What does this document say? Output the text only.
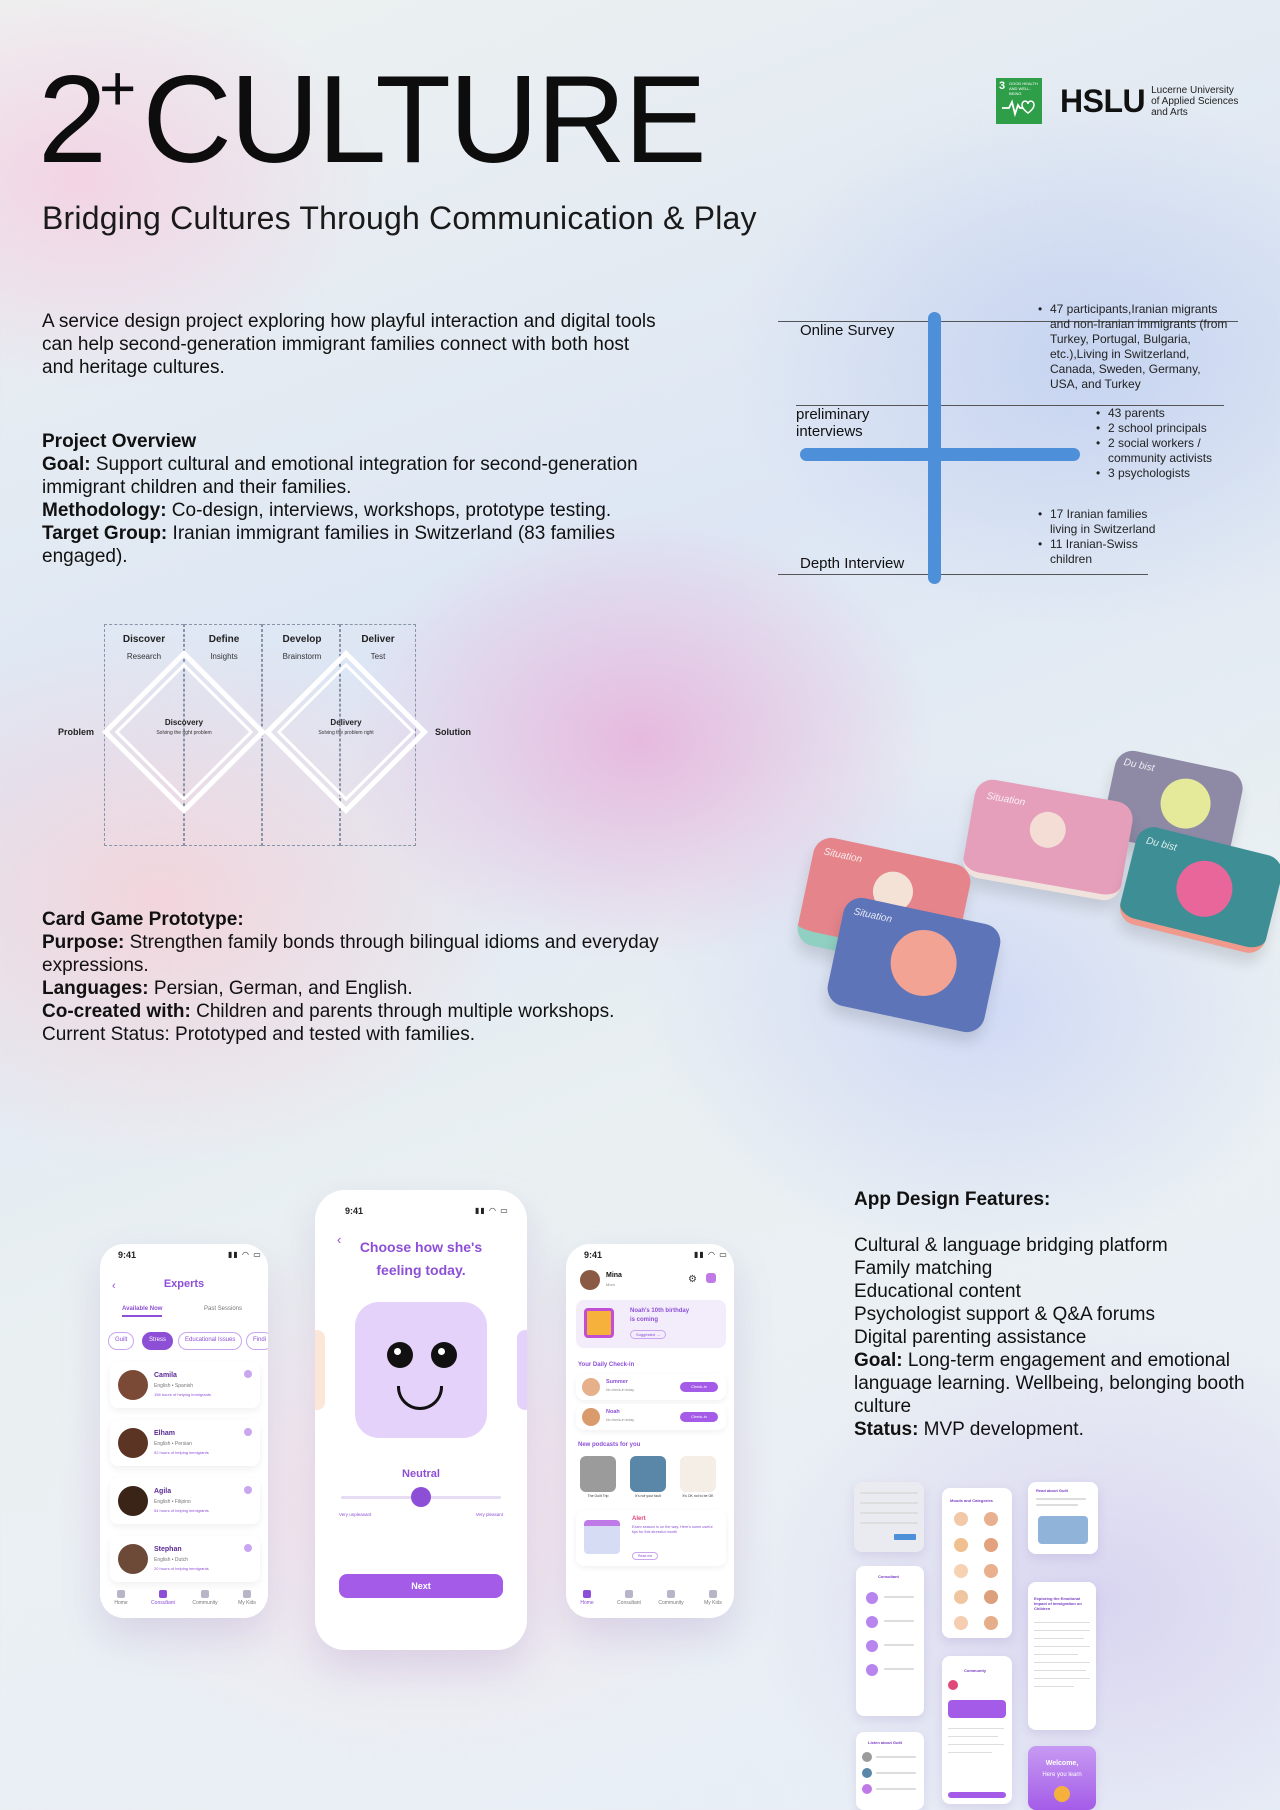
2+CULTURE
Bridging Cultures Through Communication & Play
3 GOOD HEALTH AND WELL-BEING	HSLU Lucerne University
of Applied Sciences
and Arts
A service design project exploring how playful interaction and digital tools can help second-generation immigrant families connect with both host and heritage cultures.
Project Overview
Goal: Support cultural and emotional integration for second-generation immigrant children and their families.
Methodology: Co-design, interviews, workshops, prototype testing.
Target Group: Iranian immigrant families in Switzerland (83 families engaged).
Online Survey
• 47 participants,Iranian migrants and non-Iranian immigrants (from Turkey, Portugal, Bulgaria, etc.),Living in Switzerland, Canada, Sweden, Germany, USA, and Turkey
preliminary interviews
• 43 parents
• 2 school principals
• 2 social workers / community activists
• 3 psychologists
Depth Interview
• 17 Iranian families living in Switzerland
• 11 Iranian-Swiss children
Discover
Research
Define
Insights
Develop
Brainstorm
Deliver
Test
Discovery
Solving the right problem
Delivery
Solving the problem right
Problem	Solution
Du bist
Situation
Du bist
Situation
Situation
Card Game Prototype:
Purpose: Strengthen family bonds through bilingual idioms and everyday expressions.
Languages: Persian, German, and English.
Co-created with: Children and parents through multiple workshops.
Current Status: Prototyped and tested with families.
9:41	▮▮ ◠ ▭
‹	Experts
Available Now	Past Sessions
Guilt	Stress	Educational Issues	Findi
Camila
English • Spanish
156 hours of helping immigrants
Elham
English • Persian
92 hours of helping immigrants
Agila
English • Filipino
54 hours of helping immigrants
Stephan
English • Dutch
20 hours of helping immigrants
Home	Consultant	Community	My Kids
9:41	▮▮ ◠ ▭
‹	Choose how she's
feeling today.
Neutral
Very unpleasant	Very pleasant
Next
9:41	▮▮ ◠ ▭
Mina
Mom	⚙
Noah's 10th birthday
is coming
Suggested →
Your Daily Check-in
Summer
No check-in today
Check-in
Noah
No check-in today
Check-in
New podcasts for you
The Guilt Trip	It's not your fault	It's OK not to be OK
Alert
Exam season is on the way. Here's some useful tips for this stressful month
Read me
Home	Consultant	Community	My Kids
App Design Features:
Cultural & language bridging platform
Family matching
Educational content
Psychologist support & Q&A forums
Digital parenting assistance
Goal: Long-term engagement and emotional language learning. Wellbeing, belonging booth culture
Status: MVP development.
Moods and Categories
Read about Guilt
Consultant
Exploring the Emotional Impact of Immigration on Children
Community
Listen about Guilt
Welcome,
Here you learn
